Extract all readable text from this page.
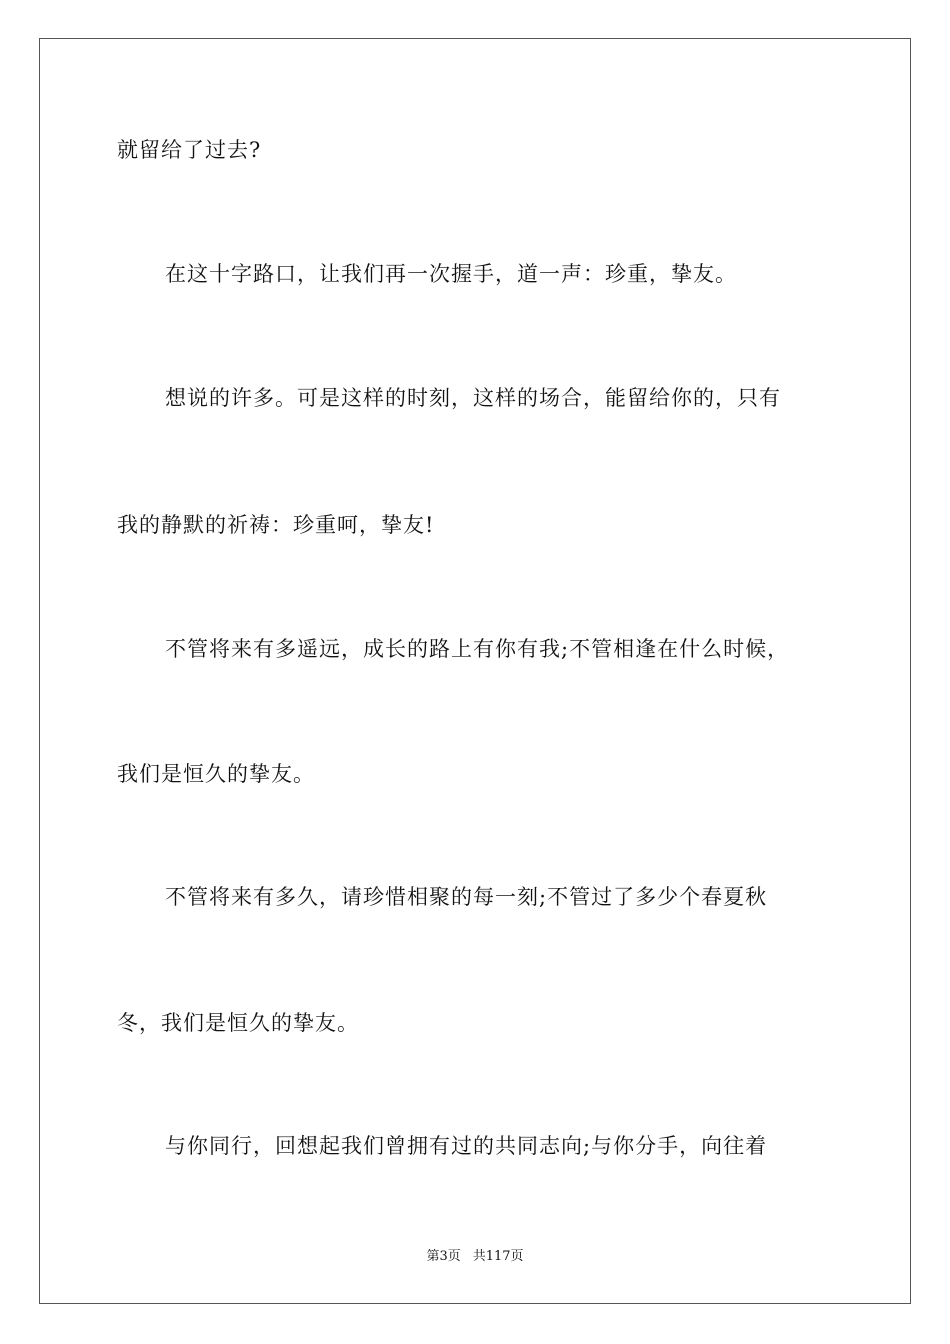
就留给了过去?
在这十字路口，让我们再一次握手，道一声：珍重，挚友。
想说的许多。可是这样的时刻，这样的场合，能留给你的，只有
我的静默的祈祷：珍重呵，挚友!
不管将来有多遥远，成长的路上有你有我;不管相逢在什么时候，
我们是恒久的挚友。
不管将来有多久，请珍惜相聚的每一刻;不管过了多少个春夏秋
冬，我们是恒久的挚友。
与你同行，回想起我们曾拥有过的共同志向;与你分手，向往着
第3页 共117页
